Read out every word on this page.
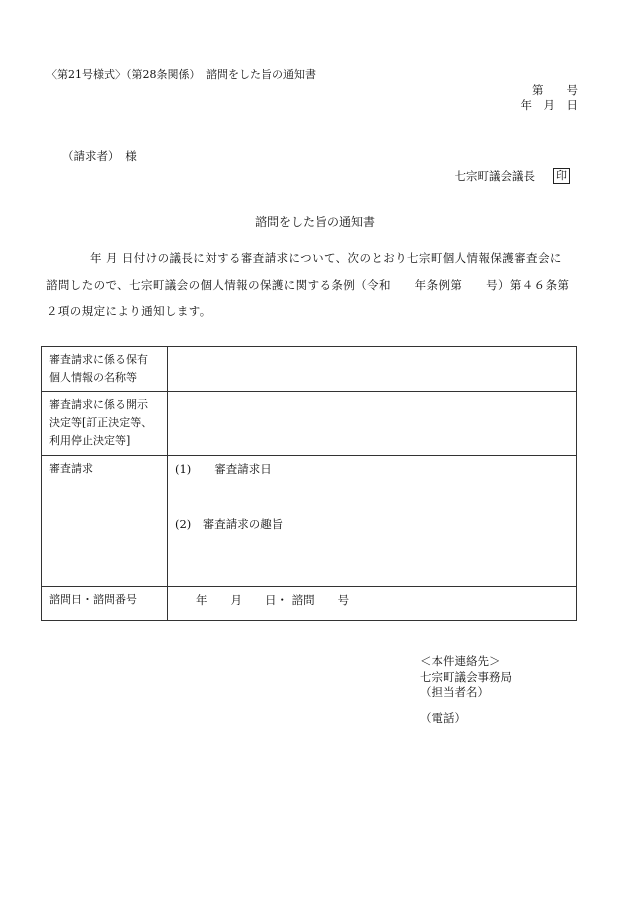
〈第21号様式〉（第28条関係）　諮問をした旨の通知書
第　　号
年　月　日
（請求者）　様
七宗町議会議長 印
諮問をした旨の通知書

年 月 日付けの議長に対する審査請求について、次のとおり七宗町個人情報保護審査会に

諮問したので、七宗町議会の個人情報の保護に関する条例（令和　　年条例第　　号）第４６条第

２項の規定により通知します。

審査請求に係る保有
個人情報の名称等	

審査請求に係る開示
決定等[訂正決定等、
利用停止決定等]	

審査請求	(1)　　審査請求日
(2)　審査請求の趣旨

諮問日・諮問番号	年　　月　　日・ 諮問　　号
＜本件連絡先＞
七宗町議会事務局
（担当者名）
（電話）
